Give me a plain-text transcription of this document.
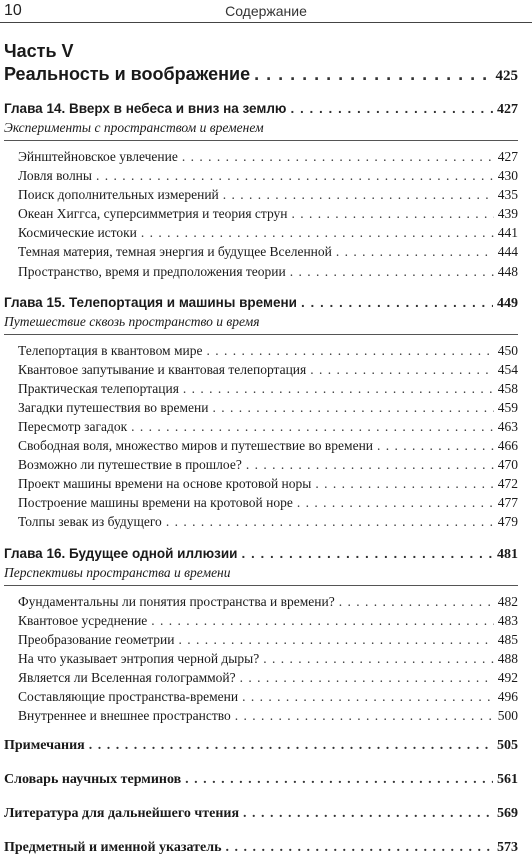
10	Содержание
Часть V
Реальность и воображение . . .	425
Глава 14. Вверх в небеса и вниз на землю . . .	427
Эксперименты с пространством и временем
Эйнштейновское увлечение . . .	427
Ловля волны . . .	430
Поиск дополнительных измерений . . .	435
Океан Хиггса, суперсимметрия и теория струн . . .	439
Космические истоки . . .	441
Темная материя, темная энергия и будущее Вселенной . . .	444
Пространство, время и предположения теории . . .	448
Глава 15. Телепортация и машины времени . . .	449
Путешествие сквозь пространство и время
Телепортация в квантовом мире . . .	450
Квантовое запутывание и квантовая телепортация . . .	454
Практическая телепортация . . .	458
Загадки путешествия во времени . . .	459
Пересмотр загадок . . .	463
Свободная воля, множество миров и путешествие во времени . . .	466
Возможно ли путешествие в прошлое? . . .	470
Проект машины времени на основе кротовой норы . . .	472
Построение машины времени на кротовой норе . . .	477
Толпы зевак из будущего . . .	479
Глава 16. Будущее одной иллюзии . . .	481
Перспективы пространства и времени
Фундаментальны ли понятия пространства и времени? . . .	482
Квантовое усреднение . . .	483
Преобразование геометрии . . .	485
На что указывает энтропия черной дыры? . . .	488
Является ли Вселенная голограммой? . . .	492
Составляющие пространства-времени . . .	496
Внутреннее и внешнее пространство . . .	500
Примечания . . .	505
Словарь научных терминов . . .	561
Литература для дальнейшего чтения . . .	569
Предметный и именной указатель . . .	573
